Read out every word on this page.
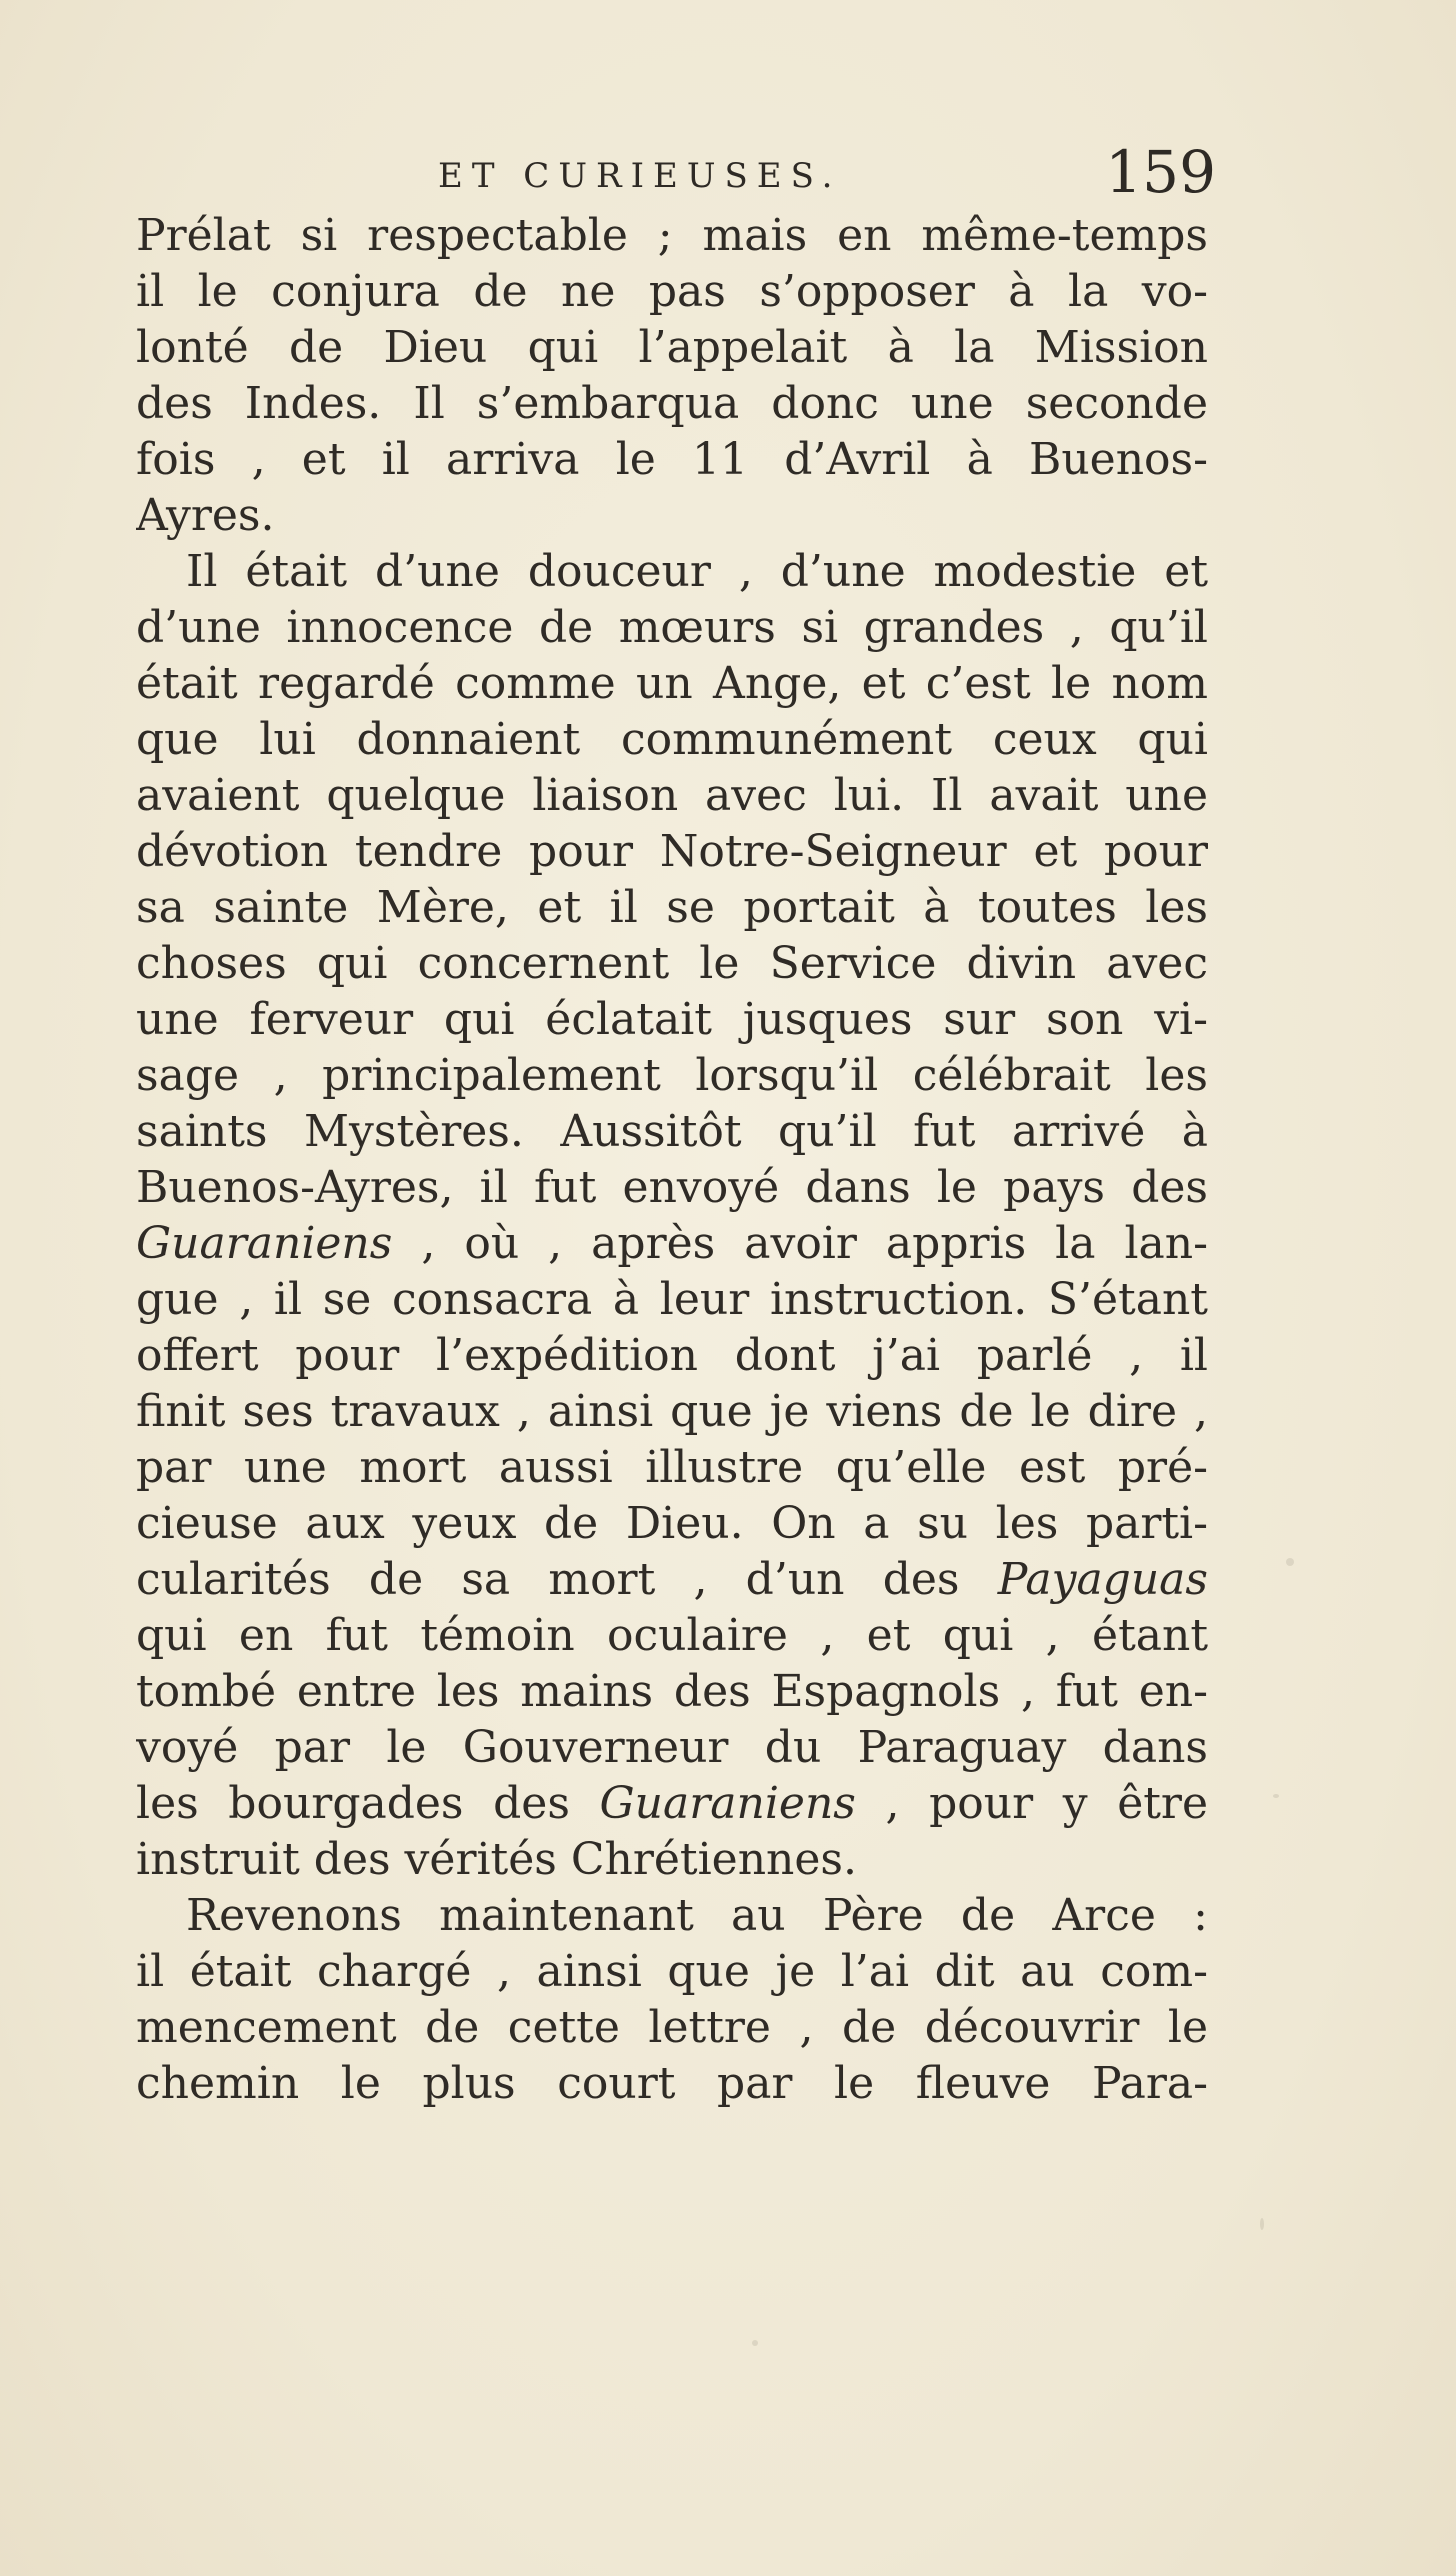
ET CURIEUSES.	159
Prélat si respectable ; mais en même-temps
il le conjura de ne pas s’opposer à la vo-
lonté de Dieu qui l’appelait à la Mission
des Indes. Il s’embarqua donc une seconde
fois , et il arriva le 11 d’Avril à Buenos-
Ayres.
Il était d’une douceur , d’une modestie et
d’une innocence de mœurs si grandes , qu’il
était regardé comme un Ange, et c’est le nom
que lui donnaient communément ceux qui
avaient quelque liaison avec lui. Il avait une
dévotion tendre pour Notre-Seigneur et pour
sa sainte Mère, et il se portait à toutes les
choses qui concernent le Service divin avec
une ferveur qui éclatait jusques sur son vi-
sage , principalement lorsqu’il célébrait les
saints Mystères. Aussitôt qu’il fut arrivé à
Buenos-Ayres, il fut envoyé dans le pays des
Guaraniens , où , après avoir appris la lan-
gue , il se consacra à leur instruction. S’étant
offert pour l’expédition dont j’ai parlé , il
finit ses travaux , ainsi que je viens de le dire ,
par une mort aussi illustre qu’elle est pré-
cieuse aux yeux de Dieu. On a su les parti-
cularités de sa mort , d’un des Payaguas
qui en fut témoin oculaire , et qui , étant
tombé entre les mains des Espagnols , fut en-
voyé par le Gouverneur du Paraguay dans
les bourgades des Guaraniens , pour y être
instruit des vérités Chrétiennes.
Revenons maintenant au Père de Arce :
il était chargé , ainsi que je l’ai dit au com-
mencement de cette lettre , de découvrir le
chemin le plus court par le fleuve Para-
